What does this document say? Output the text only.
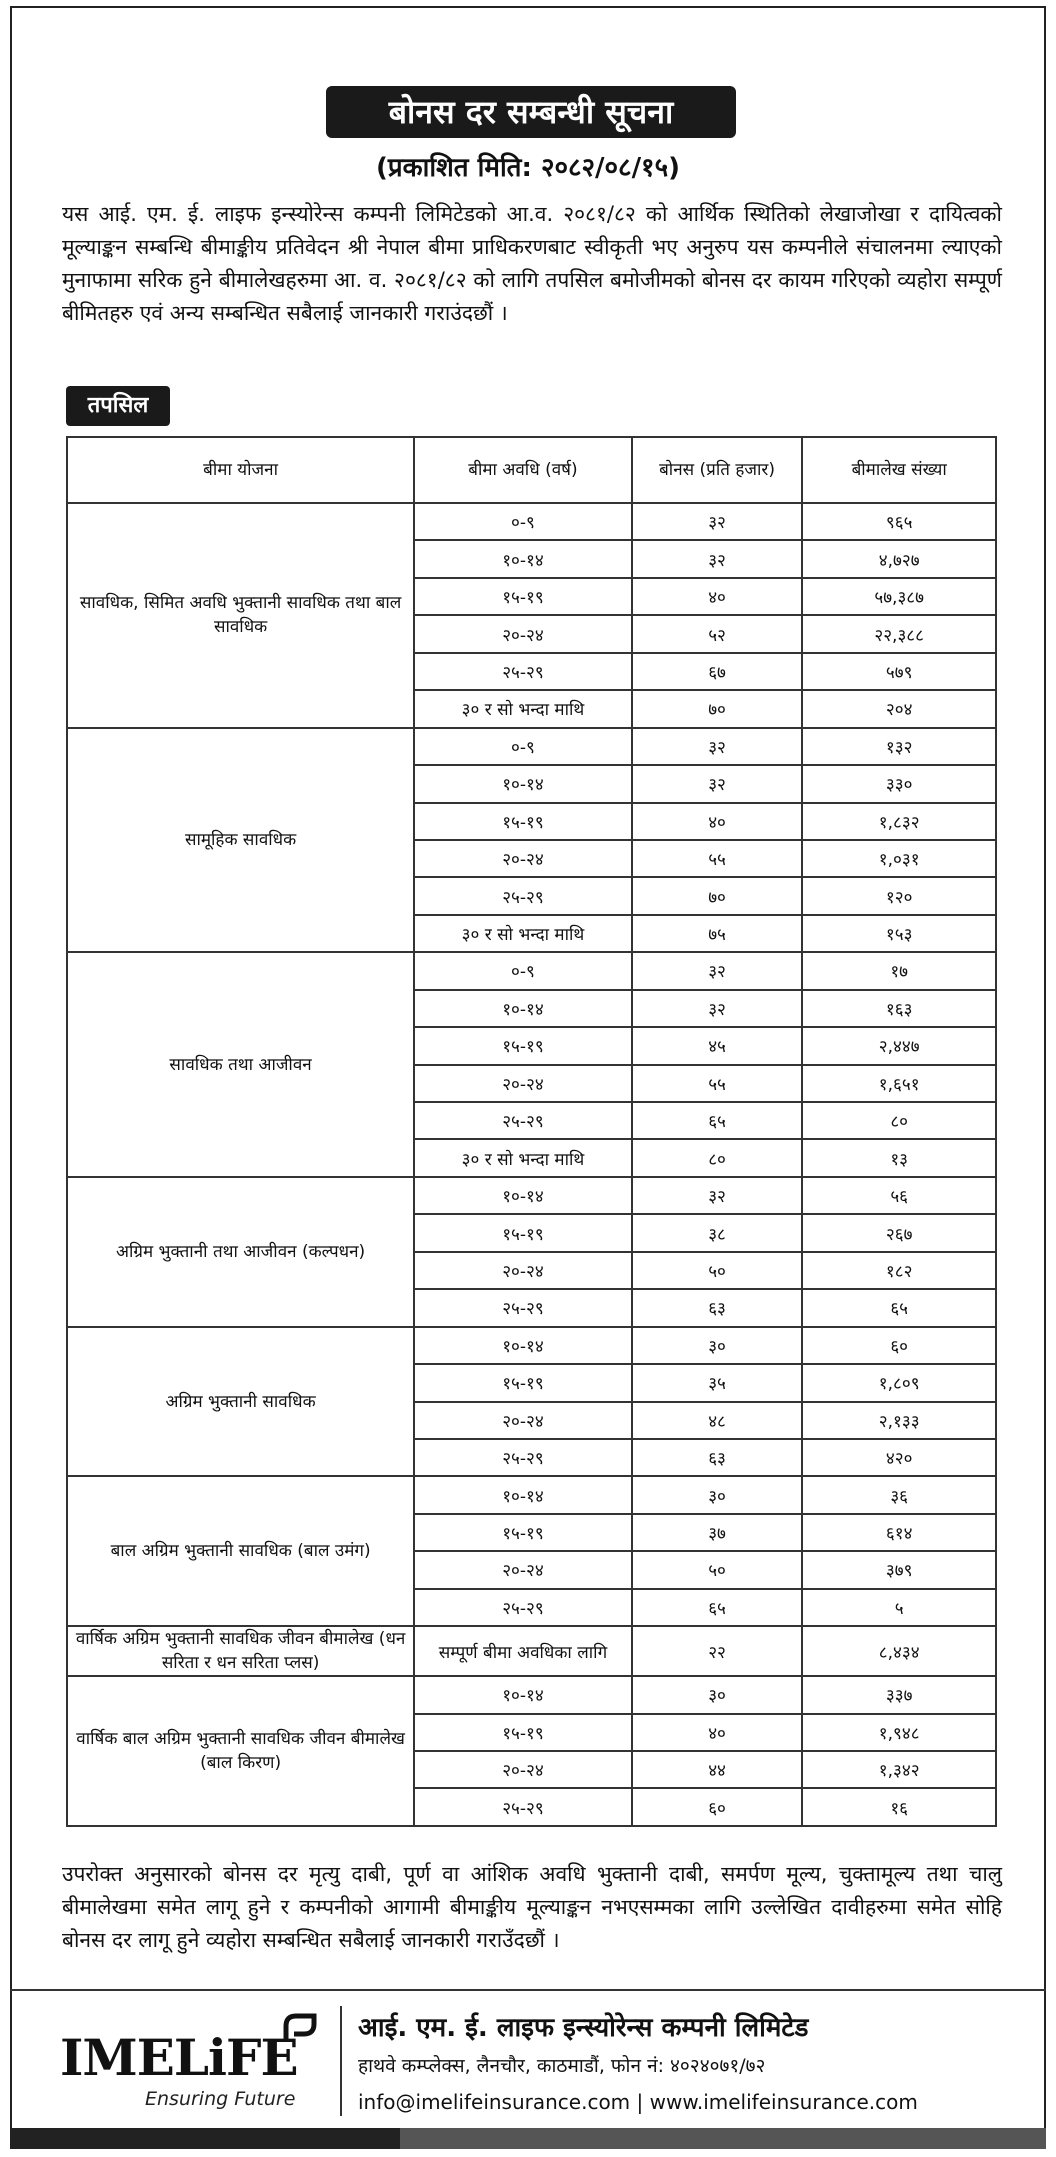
बोनस दर सम्बन्धी सूचना
(प्रकाशित मिति: २०८२/०८/१५)
यस आई. एम. ई. लाइफ इन्स्योरेन्स कम्पनी लिमिटेडको आ.व. २०८१/८२ को आर्थिक स्थितिको लेखाजोखा र दायित्वको मूल्याङ्कन सम्बन्धि बीमाङ्कीय प्रतिवेदन श्री नेपाल बीमा प्राधिकरणबाट स्वीकृती भए अनुरुप यस कम्पनीले संचालनमा ल्याएको मुनाफामा सरिक हुने बीमालेखहरुमा आ. व. २०८१/८२ को लागि तपसिल बमोजीमको बोनस दर कायम गरिएको व्यहोरा सम्पूर्ण बीमितहरु एवं अन्य सम्बन्धित सबैलाई जानकारी गराउंदछौं ।
तपसिल
बीमा योजना	बीमा अवधि (वर्ष)	बोनस (प्रति हजार)	बीमालेख संख्या
सावधिक, सिमित अवधि भुक्तानी सावधिक तथा बाल सावधिक	०-९	३२	९६५
	१०-१४	३२	४,७२७
	१५-१९	४०	५७,३८७
	२०-२४	५२	२२,३८८
	२५-२९	६७	५७९
	३० र सो भन्दा माथि	७०	२०४
सामूहिक सावधिक	०-९	३२	१३२
	१०-१४	३२	३३०
	१५-१९	४०	१,८३२
	२०-२४	५५	१,०३१
	२५-२९	७०	१२०
	३० र सो भन्दा माथि	७५	१५३
सावधिक तथा आजीवन	०-९	३२	१७
	१०-१४	३२	१६३
	१५-१९	४५	२,४४७
	२०-२४	५५	१,६५१
	२५-२९	६५	८०
	३० र सो भन्दा माथि	८०	१३
अग्रिम भुक्तानी तथा आजीवन (कल्पधन)	१०-१४	३२	५६
	१५-१९	३८	२६७
	२०-२४	५०	१८२
	२५-२९	६३	६५
अग्रिम भुक्तानी सावधिक	१०-१४	३०	६०
	१५-१९	३५	१,८०९
	२०-२४	४८	२,१३३
	२५-२९	६३	४२०
बाल अग्रिम भुक्तानी सावधिक (बाल उमंग)	१०-१४	३०	३६
	१५-१९	३७	६१४
	२०-२४	५०	३७९
	२५-२९	६५	५
वार्षिक अग्रिम भुक्तानी सावधिक जीवन बीमालेख (धन सरिता र धन सरिता प्लस)	सम्पूर्ण बीमा अवधिका लागि	२२	८,४३४
वार्षिक बाल अग्रिम भुक्तानी सावधिक जीवन बीमालेख (बाल किरण)	१०-१४	३०	३३७
	१५-१९	४०	१,९४८
	२०-२४	४४	१,३४२
	२५-२९	६०	१६
उपरोक्त अनुसारको बोनस दर मृत्यु दाबी, पूर्ण वा आंशिक अवधि भुक्तानी दाबी, समर्पण मूल्य, चुक्तामूल्य तथा चालु बीमालेखमा समेत लागू हुने र कम्पनीको आगामी बीमाङ्कीय मूल्याङ्कन नभएसम्मका लागि उल्लेखित दावीहरुमा समेत सोहि बोनस दर लागू हुने व्यहोरा सम्बन्धित सबैलाई जानकारी गराउँदछौं ।
IMELiFE
Ensuring Future
आई. एम. ई. लाइफ इन्स्योरेन्स कम्पनी लिमिटेड
हाथवे कम्प्लेक्स, लैनचौर, काठमाडौं, फोन नं: ४०२४०७१/७२
info@imelifeinsurance.com | www.imelifeinsurance.com
